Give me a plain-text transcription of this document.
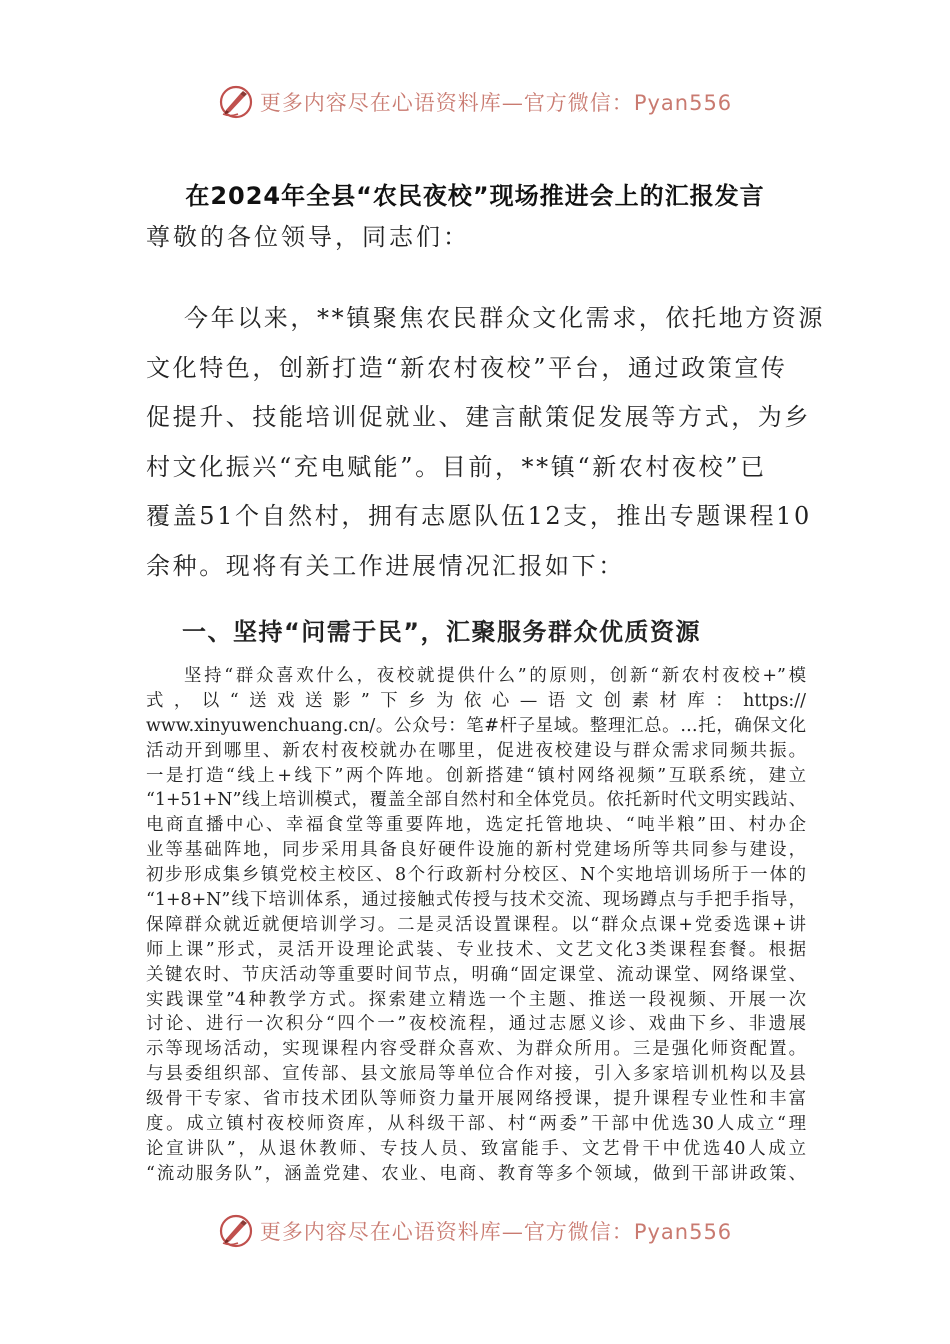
更多内容尽在心语资料库—官方微信：Pyan556
在2024年全县“农民夜校”现场推进会上的汇报发言
尊敬的各位领导，同志们：
今年以来，**镇聚焦农民群众文化需求，依托地方资源
文化特色，创新打造“新农村夜校”平台，通过政策宣传
促提升、技能培训促就业、建言献策促发展等方式，为乡
村文化振兴“充电赋能”。目前，**镇“新农村夜校”已
覆盖51个自然村，拥有志愿队伍12支，推出专题课程10
余种。现将有关工作进展情况汇报如下：
一、坚持“问需于民”，汇聚服务群众优质资源
坚持“群众喜欢什么，夜校就提供什么”的原则，创新“新农村夜校+”模
式，以“送戏送影”下乡为依心—语文创素材库：https://
www.xinyuwenchuang.cn/。公众号：笔#杆子星域。整理汇总。…托，确保文化
活动开到哪里、新农村夜校就办在哪里，促进夜校建设与群众需求同频共振。
一是打造“线上+线下”两个阵地。创新搭建“镇村网络视频”互联系统，建立
“1+51+N”线上培训模式，覆盖全部自然村和全体党员。依托新时代文明实践站、
电商直播中心、幸福食堂等重要阵地，选定托管地块、“吨半粮”田、村办企
业等基础阵地，同步采用具备良好硬件设施的新村党建场所等共同参与建设，
初步形成集乡镇党校主校区、8个行政新村分校区、N个实地培训场所于一体的
“1+8+N”线下培训体系，通过接触式传授与技术交流、现场蹲点与手把手指导，
保障群众就近就便培训学习。二是灵活设置课程。以“群众点课+党委选课+讲
师上课”形式，灵活开设理论武装、专业技术、文艺文化3类课程套餐。根据
关键农时、节庆活动等重要时间节点，明确“固定课堂、流动课堂、网络课堂、
实践课堂”4种教学方式。探索建立精选一个主题、推送一段视频、开展一次
讨论、进行一次积分“四个一”夜校流程，通过志愿义诊、戏曲下乡、非遗展
示等现场活动，实现课程内容受群众喜欢、为群众所用。三是强化师资配置。
与县委组织部、宣传部、县文旅局等单位合作对接，引入多家培训机构以及县
级骨干专家、省市技术团队等师资力量开展网络授课，提升课程专业性和丰富
度。成立镇村夜校师资库，从科级干部、村“两委”干部中优选30人成立“理
论宣讲队”，从退休教师、专技人员、致富能手、文艺骨干中优选40人成立
“流动服务队”，涵盖党建、农业、电商、教育等多个领域，做到干部讲政策、
更多内容尽在心语资料库—官方微信：Pyan556
